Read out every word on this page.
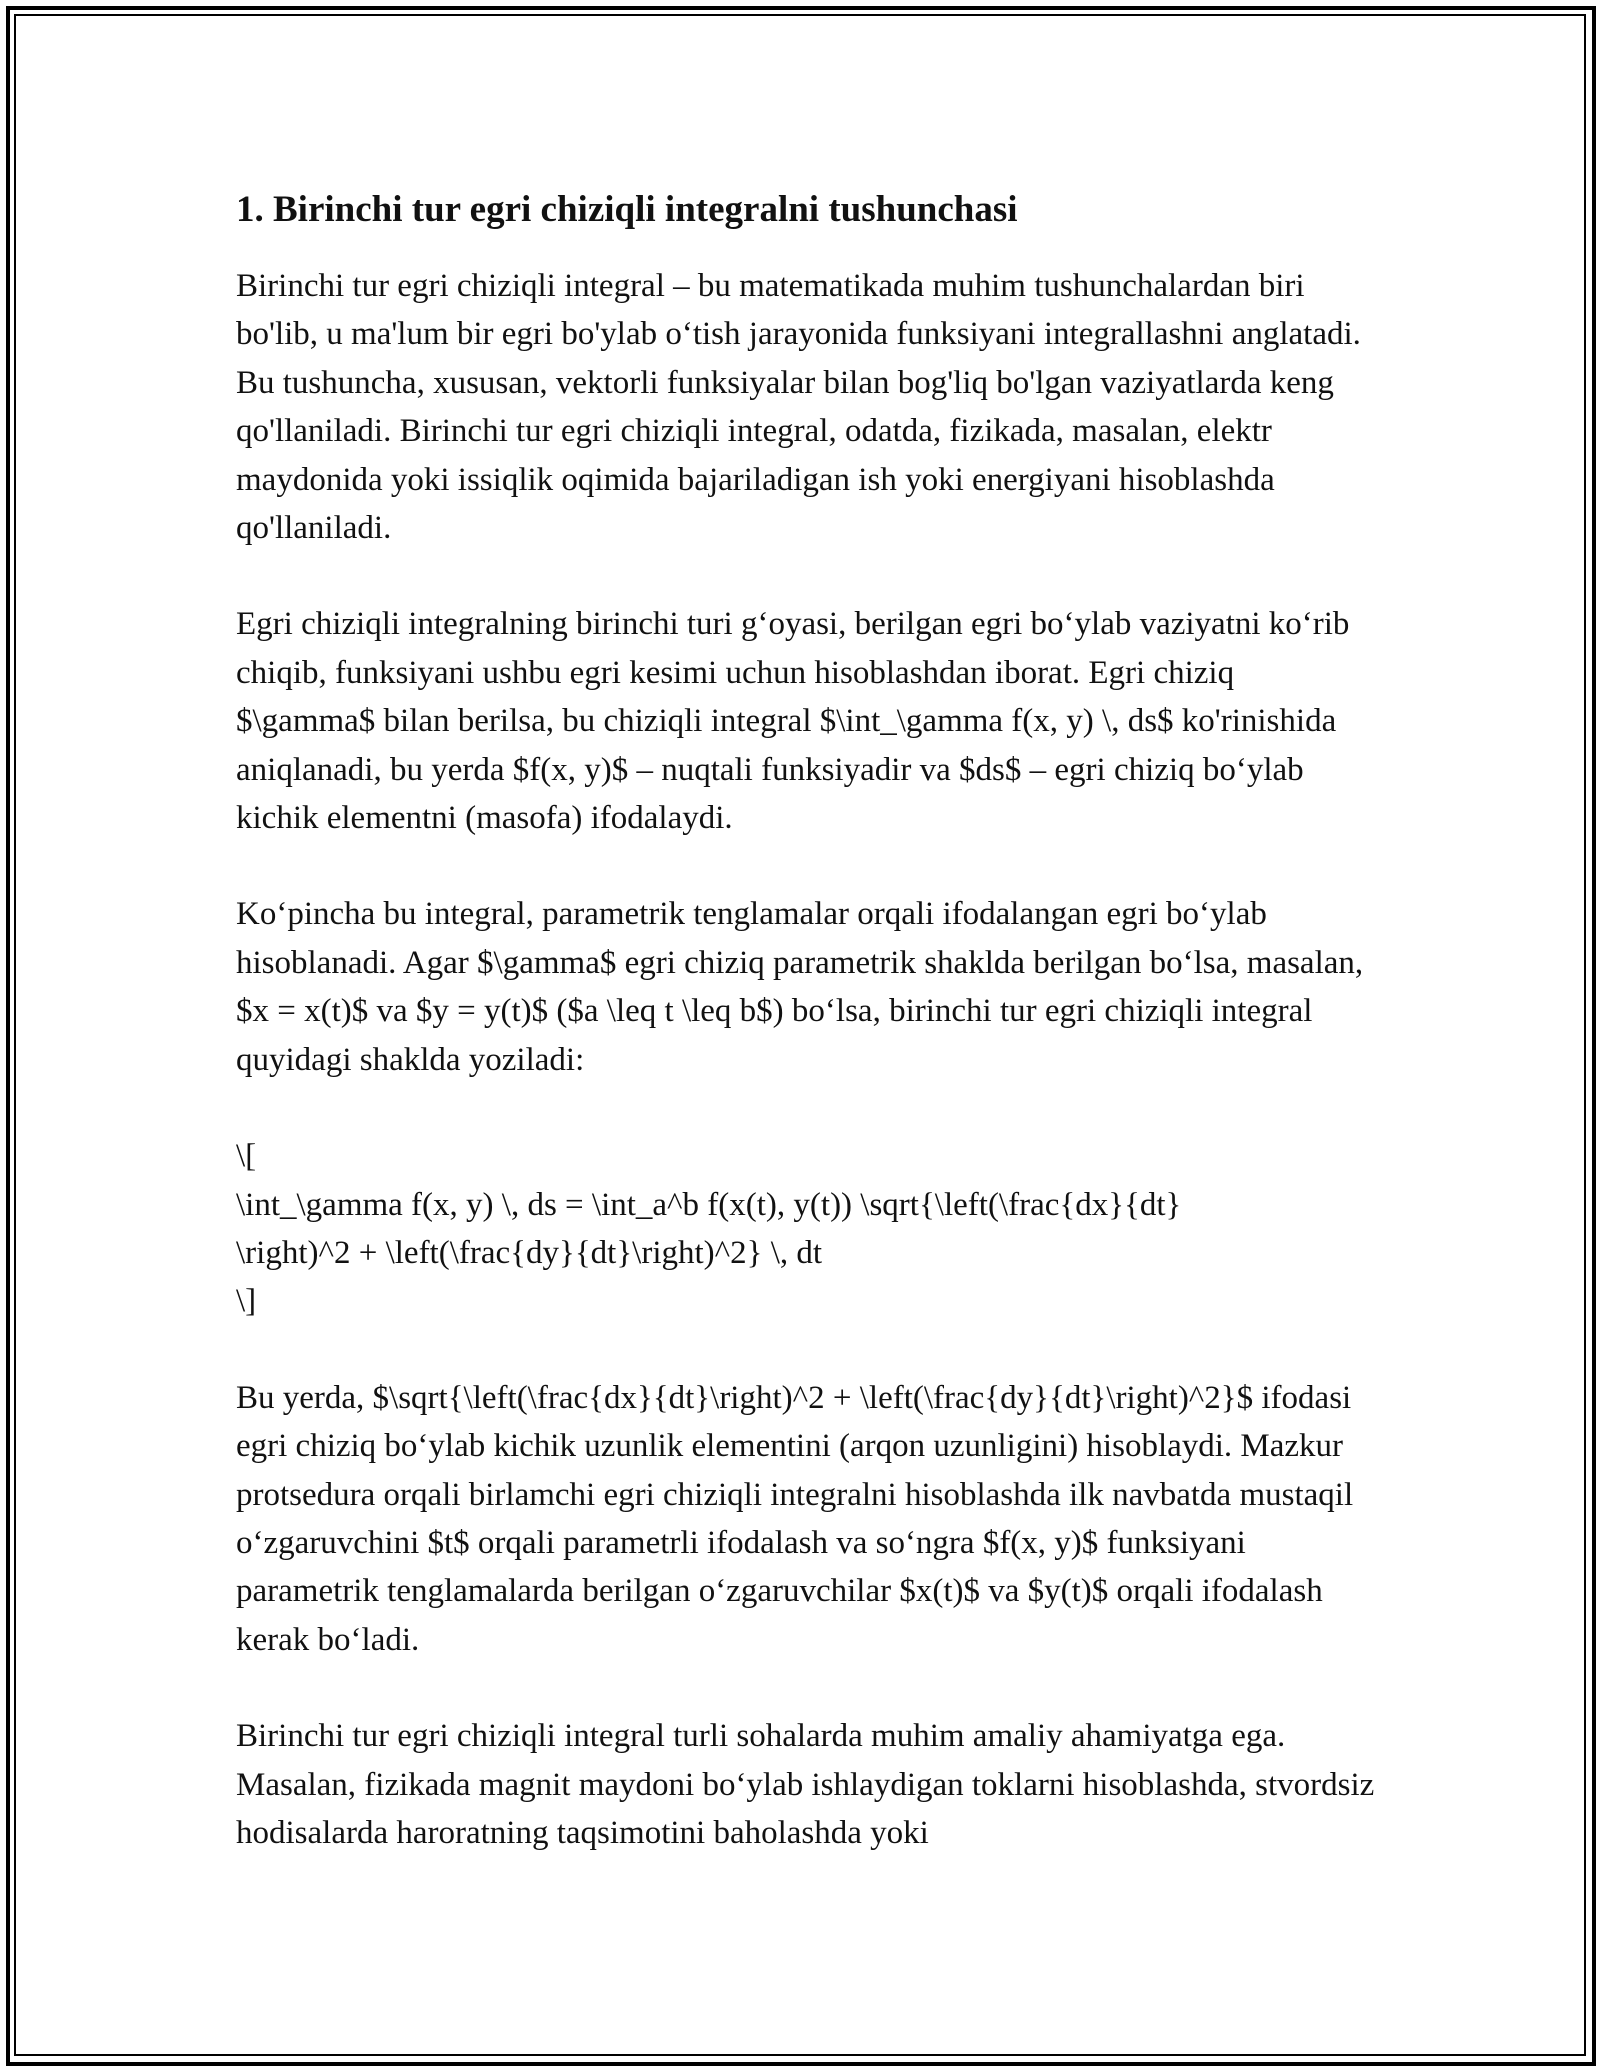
1. Birinchi tur egri chiziqli integralni tushunchasi

Birinchi tur egri chiziqli integral – bu matematikada muhim tushunchalardan biri bo'lib, u ma'lum bir egri bo'ylab o‘tish jarayonida funksiyani integrallashni anglatadi. Bu tushuncha, xususan, vektorli funksiyalar bilan bog'liq bo'lgan vaziyatlarda keng qo'llaniladi. Birinchi tur egri chiziqli integral, odatda, fizikada, masalan, elektr maydonida yoki issiqlik oqimida bajariladigan ish yoki energiyani hisoblashda qo'llaniladi.

Egri chiziqli integralning birinchi turi g‘oyasi, berilgan egri bo‘ylab vaziyatni ko‘rib chiqib, funksiyani ushbu egri kesimi uchun hisoblashdan iborat. Egri chiziq $\gamma$ bilan berilsa, bu chiziqli integral $\int_\gamma f(x, y) \, ds$ ko'rinishida aniqlanadi, bu yerda $f(x, y)$ – nuqtali funksiyadir va $ds$ – egri chiziq bo‘ylab kichik elementni (masofa) ifodalaydi.

Ko‘pincha bu integral, parametrik tenglamalar orqali ifodalangan egri bo‘ylab hisoblanadi. Agar $\gamma$ egri chiziq parametrik shaklda berilgan bo‘lsa, masalan, $x = x(t)$ va $y = y(t)$ ($a \leq t \leq b$) bo‘lsa, birinchi tur egri chiziqli integral quyidagi shaklda yoziladi:

\[
\int_\gamma f(x, y) \, ds = \int_a^b f(x(t), y(t)) \sqrt{\left(\frac{dx}{dt}
\right)^2 + \left(\frac{dy}{dt}\right)^2} \, dt
\]

Bu yerda, $\sqrt{\left(\frac{dx}{dt}\right)^2 + \left(\frac{dy}{dt}\right)^2}$ ifodasi egri chiziq bo‘ylab kichik uzunlik elementini (arqon uzunligini) hisoblaydi. Mazkur protsedura orqali birlamchi egri chiziqli integralni hisoblashda ilk navbatda mustaqil o‘zgaruvchini $t$ orqali parametrli ifodalash va so‘ngra $f(x, y)$ funksiyani parametrik tenglamalarda berilgan o‘zgaruvchilar $x(t)$ va $y(t)$ orqali ifodalash kerak bo‘ladi.

Birinchi tur egri chiziqli integral turli sohalarda muhim amaliy ahamiyatga ega. Masalan, fizikada magnit maydoni bo‘ylab ishlaydigan toklarni hisoblashda, stvordsiz hodisalarda haroratning taqsimotini baholashda yoki
